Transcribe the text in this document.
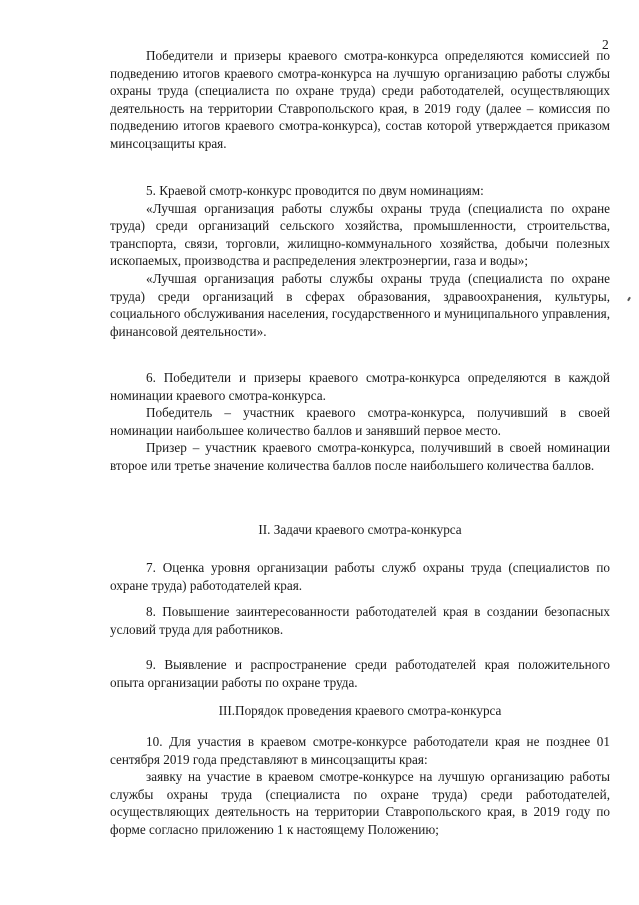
2

Победители и призеры краевого смотра-конкурса определяются комиссией по подведению итогов краевого смотра-конкурса на лучшую организацию работы службы охраны труда (специалиста по охране труда) среди работодателей, осуществляющих деятельность на территории Ставропольского края, в 2019 году (далее – комиссия по подведению итогов краевого смотра-конкурса), состав которой утверждается приказом минсоцзащиты края.

5. Краевой смотр-конкурс проводится по двум номинациям:

«Лучшая организация работы службы охраны труда (специалиста по охране труда) среди организаций сельского хозяйства, промышленности, строительства, транспорта, связи, торговли, жилищно-коммунального хозяйства, добычи полезных ископаемых, производства и распределения электроэнергии, газа и воды»;

«Лучшая организация работы службы охраны труда (специалиста по охране труда) среди организаций в сферах образования, здравоохранения, культуры, социального обслуживания населения, государственного и муниципального управления, финансовой деятельности».

6. Победители и призеры краевого смотра-конкурса определяются в каждой номинации краевого смотра-конкурса.

Победитель – участник краевого смотра-конкурса, получивший в своей номинации наибольшее количество баллов и занявший первое место.

Призер – участник краевого смотра-конкурса, получивший в своей номинации второе или третье значение количества баллов после наибольшего количества баллов.

II. Задачи краевого смотра-конкурса

7. Оценка уровня организации работы служб охраны труда (специалистов по охране труда) работодателей края.

8. Повышение заинтересованности работодателей края в создании безопасных условий труда для работников.

9. Выявление и распространение среди работодателей края положительного опыта организации работы по охране труда.

III.Порядок проведения краевого смотра-конкурса

10. Для участия в краевом смотре-конкурсе работодатели края не позднее 01 сентября 2019 года представляют в минсоцзащиты края:

заявку на участие в краевом смотре-конкурсе на лучшую организацию работы службы охраны труда (специалиста по охране труда) среди работодателей, осуществляющих деятельность на территории Ставропольского края, в 2019 году по форме согласно приложению 1 к настоящему Положению;
